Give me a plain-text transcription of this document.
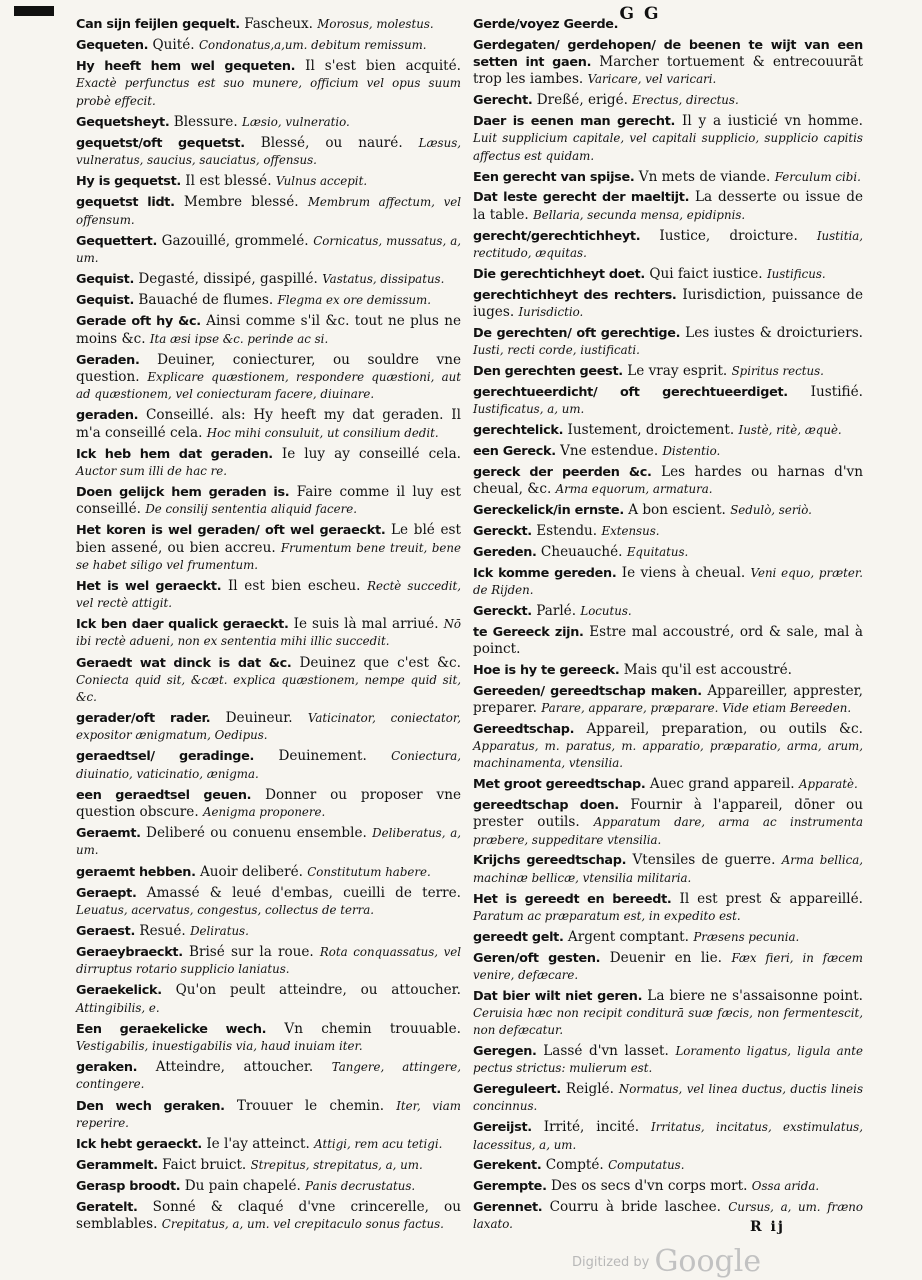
G G

Can sijn feijlen gequelt. Fascheux. Morosus, molestus.

Gequeten. Quité. Condonatus,a,um. debitum remissum.

Hy heeft hem wel gequeten. Il s'est bien acquité. Exactè perfunctus est suo munere, officium vel opus suum probè effecit.

Gequetsheyt. Blessure. Læsio, vulneratio.

gequetst/oft gequetst. Blessé, ou nauré. Læsus, vulneratus, saucius, sauciatus, offensus.

Hy is gequetst. Il est blessé. Vulnus accepit.

gequetst lidt. Membre blessé. Membrum affectum, vel offensum.

Gequettert. Gazouillé, grommelé. Cornicatus, mussatus, a, um.

Gequist. Degasté, dissipé, gaspillé. Vastatus, dissipatus.

Gequist. Bauaché de flumes. Flegma ex ore demissum.

Gerade oft hy &c. Ainsi comme s'il &c. tout ne plus ne moins &c. Ita æsi ipse &c. perinde ac si.

Geraden. Deuiner, coniecturer, ou souldre vne question. Explicare quæstionem, respondere quæstioni, aut ad quæstionem, vel coniecturam facere, diuinare.

geraden. Conseillé. als: Hy heeft my dat geraden. Il m'a conseillé cela. Hoc mihi consuluit, ut consilium dedit.

Ick heb hem dat geraden. Ie luy ay conseillé cela. Auctor sum illi de hac re.

Doen gelijck hem geraden is. Faire comme il luy est conseillé. De consilij sententia aliquid facere.

Het koren is wel geraden/ oft wel geraeckt. Le blé est bien assené, ou bien accreu. Frumentum bene treuit, bene se habet siligo vel frumentum.

Het is wel geraeckt. Il est bien escheu. Rectè succedit, vel rectè attigit.

Ick ben daer qualick geraeckt. Ie suis là mal arriué. Nō ibi rectè adueni, non ex sententia mihi illic succedit.

Geraedt wat dinck is dat &c. Deuinez que c'est &c. Coniecta quid sit, &cæt. explica quæstionem, nempe quid sit, &c.

gerader/oft rader. Deuineur. Vaticinator, coniectator, expositor ænigmatum, Oedipus.

geraedtsel/ geradinge. Deuinement. Coniectura, diuinatio, vaticinatio, ænigma.

een geraedtsel geuen. Donner ou proposer vne question obscure. Aenigma proponere.

Geraemt. Deliberé ou conuenu ensemble. Deliberatus, a, um.

geraemt hebben. Auoir deliberé. Constitutum habere.

Geraept. Amassé & leué d'embas, cueilli de terre. Leuatus, acervatus, congestus, collectus de terra.

Geraest. Resué. Deliratus.

Geraeybraeckt. Brisé sur la roue. Rota conquassatus, vel dirruptus rotario supplicio laniatus.

Geraekelick. Qu'on peult atteindre, ou attoucher. Attingibilis, e.

Een geraekelicke wech. Vn chemin trouuable. Vestigabilis, inuestigabilis via, haud inuiam iter.

geraken. Atteindre, attoucher. Tangere, attingere, contingere.

Den wech geraken. Trouuer le chemin. Iter, viam reperire.

Ick hebt geraeckt. Ie l'ay atteinct. Attigi, rem acu tetigi.

Gerammelt. Faict bruict. Strepitus, strepitatus, a, um.

Gerasp broodt. Du pain chapelé. Panis decrustatus.

Geratelt. Sonné & claqué d'vne crincerelle, ou semblables. Crepitatus, a, um. vel crepitaculo sonus factus.

Gerde/voyez Geerde.

Gerdegaten/ gerdehopen/ de beenen te wijt van een setten int gaen. Marcher tortuement & entrecouurāt trop les iambes. Varicare, vel varicari.

Gerecht. Dreßé, erigé. Erectus, directus.

Daer is eenen man gerecht. Il y a iusticié vn homme. Luit supplicium capitale, vel capitali supplicio, supplicio capitis affectus est quidam.

Een gerecht van spijse. Vn mets de viande. Ferculum cibi.

Dat leste gerecht der maeltijt. La desserte ou issue de la table. Bellaria, secunda mensa, epidipnis.

gerecht/gerechtichheyt. Iustice, droicture. Iustitia, rectitudo, æquitas.

Die gerechtichheyt doet. Qui faict iustice. Iustificus.

gerechtichheyt des rechters. Iurisdiction, puissance de iuges. Iurisdictio.

De gerechten/ oft gerechtige. Les iustes & droicturiers. Iusti, recti corde, iustificati.

Den gerechten geest. Le vray esprit. Spiritus rectus.

gerechtueerdicht/ oft gerechtueerdiget. Iustifié. Iustificatus, a, um.

gerechtelick. Iustement, droictement. Iustè, ritè, æquè.

een Gereck. Vne estendue. Distentio.

gereck der peerden &c. Les hardes ou harnas d'vn cheual, &c. Arma equorum, armatura.

Gereckelick/in ernste. A bon escient. Sedulò, seriò.

Gereckt. Estendu. Extensus.

Gereden. Cheuauché. Equitatus.

Ick komme gereden. Ie viens à cheual. Veni equo, præter. de Rijden.

Gereckt. Parlé. Locutus.

te Gereeck zijn. Estre mal accoustré, ord & sale, mal à poinct.

Hoe is hy te gereeck. Mais qu'il est accoustré.

Gereeden/ gereedtschap maken. Appareiller, apprester, preparer. Parare, apparare, præparare. Vide etiam Bereeden.

Gereedtschap. Appareil, preparation, ou outils &c. Apparatus, m. paratus, m. apparatio, præparatio, arma, arum, machinamenta, vtensilia.

Met groot gereedtschap. Auec grand appareil. Apparatè.

gereedtschap doen. Fournir à l'appareil, dōner ou prester outils. Apparatum dare, arma ac instrumenta præbere, suppeditare vtensilia.

Krijchs gereedtschap. Vtensiles de guerre. Arma bellica, machinæ bellicæ, vtensilia militaria.

Het is gereedt en bereedt. Il est prest & appareillé. Paratum ac præparatum est, in expedito est.

gereedt gelt. Argent comptant. Præsens pecunia.

Geren/oft gesten. Deuenir en lie. Fæx fieri, in fæcem venire, defæcare.

Dat bier wilt niet geren. La biere ne s'assaisonne point. Ceruisia hæc non recipit conditurā suæ fæcis, non fermentescit, non defæcatur.

Geregen. Lassé d'vn lasset. Loramento ligatus, ligula ante pectus strictus: mulierum est.

Gereguleert. Reiglé. Normatus, vel linea ductus, ductis lineis concinnus.

Gereijst. Irrité, incité. Irritatus, incitatus, exstimulatus, lacessitus, a, um.

Gerekent. Compté. Computatus.

Gerempte. Des os secs d'vn corps mort. Ossa arida.

Gerennet. Courru à bride laschee. Cursus, a, um. fræno laxato.	R ij
$^{Digitized by}$ Google
